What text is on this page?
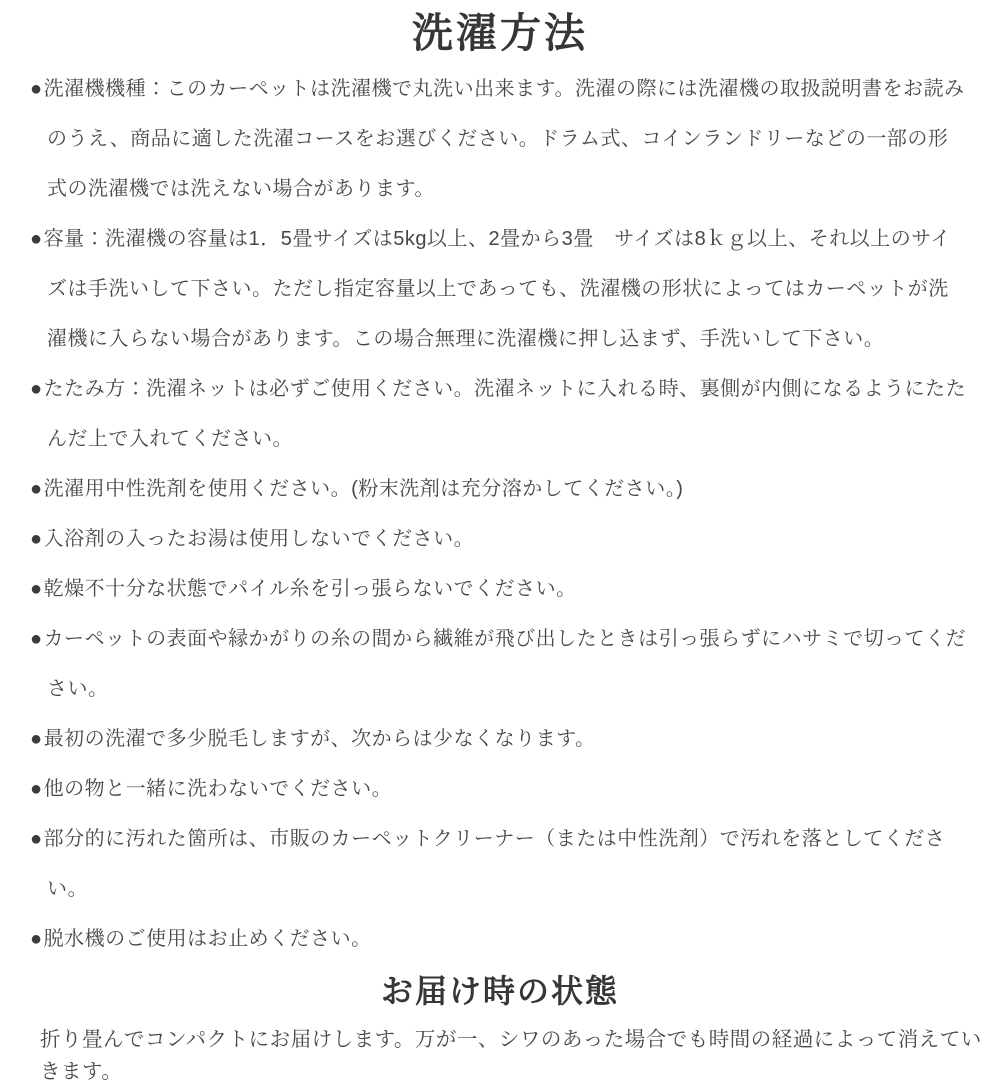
洗濯方法
●洗濯機機種：このカーペットは洗濯機で丸洗い出来ます。洗濯の際には洗濯機の取扱説明書をお読みのうえ、商品に適した洗濯コースをお選びください。ドラム式、コインランドリーなどの一部の形式の洗濯機では洗えない場合があります。
●容量：洗濯機の容量は1．5畳サイズは5kg以上、2畳から3畳　サイズは8ｋｇ以上、それ以上のサイズは手洗いして下さい。ただし指定容量以上であっても、洗濯機の形状によってはカーペットが洗濯機に入らない場合があります。この場合無理に洗濯機に押し込まず、手洗いして下さい。
●たたみ方：洗濯ネットは必ずご使用ください。洗濯ネットに入れる時、裏側が内側になるようにたたんだ上で入れてください。
●洗濯用中性洗剤を使用ください。(粉末洗剤は充分溶かしてください。)
●入浴剤の入ったお湯は使用しないでください。
●乾燥不十分な状態でパイル糸を引っ張らないでください。
●カーペットの表面や縁かがりの糸の間から繊維が飛び出したときは引っ張らずにハサミで切ってください。
●最初の洗濯で多少脱毛しますが、次からは少なくなります。
●他の物と一緒に洗わないでください。
●部分的に汚れた箇所は、市販のカーペットクリーナー（または中性洗剤）で汚れを落としてください。
●脱水機のご使用はお止めください。
お届け時の状態

折り畳んでコンパクトにお届けします。万が一、シワのあった場合でも時間の経過によって消えていきます。
